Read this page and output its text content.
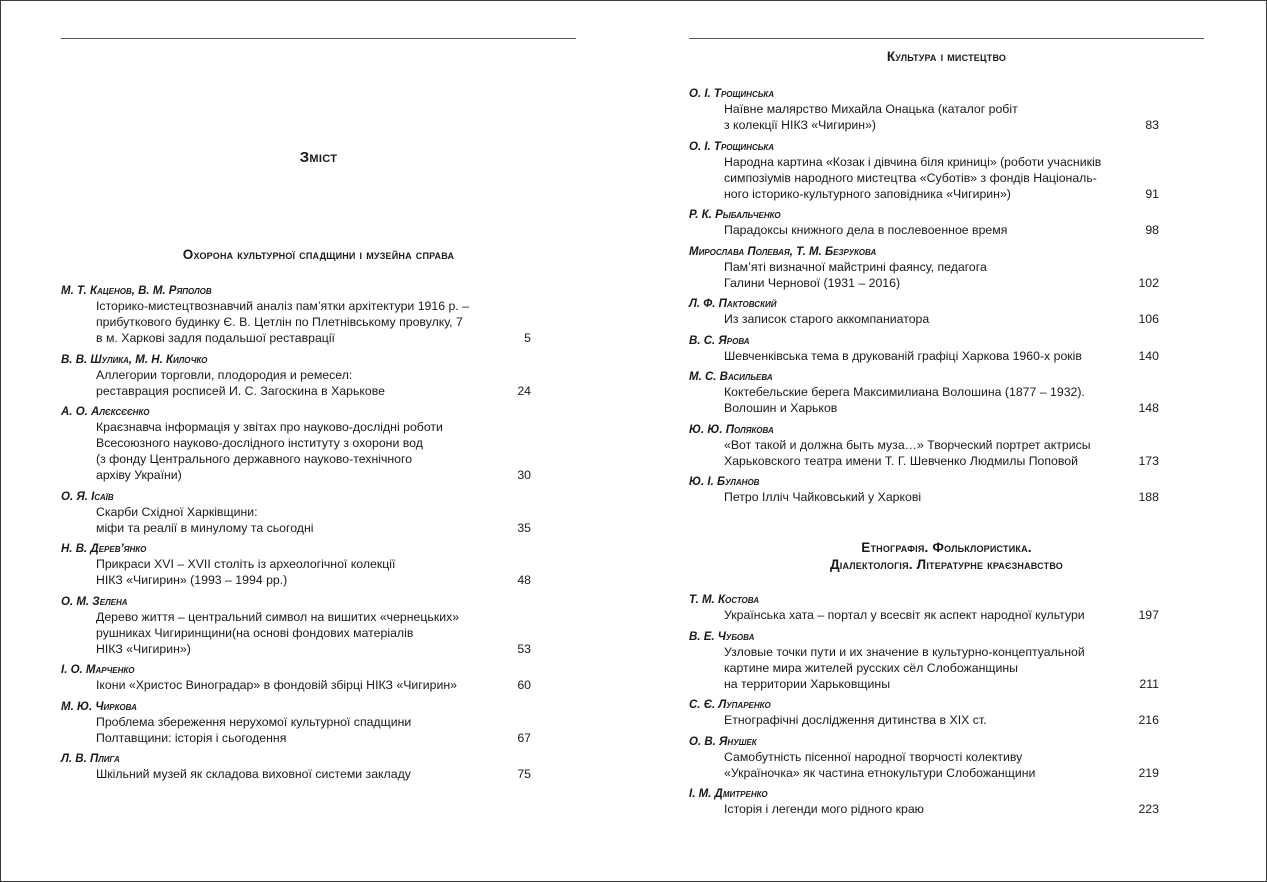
Зміст
Охорона культурної спадщини і музейна справа
М. Т. Каценов, В. М. Ряполов
Історико-мистецтвознавчий аналіз пам’ятки архітектури 1916 р. –
прибуткового будинку Є. В. Цетлін по Плетнівському провулку, 7
в м. Харкові задля подальшої реставрації	5
В. В. Шулика, М. Н. Килочко
Аллегории торговли, плодородия и ремесел:
реставрация росписей И. С. Загоскина в Харькове	24
А. О. Алєксєєнко
Краєзнавча інформація у звітах про науково-дослідні роботи
Всесоюзного науково-дослідного інституту з охорони вод
(з фонду Центрального державного науково-технічного
архіву України)	30
О. Я. Ісаїв
Скарби Східної Харківщини:
міфи та реалії в минулому та сьогодні	35
Н. В. Дерев’янко
Прикраси XVI – XVII століть із археологічної колекції
НІКЗ «Чигирин» (1993 – 1994 рр.)	48
О. М. Зелена
Дерево життя – центральний символ на вишитих «чернецьких»
рушниках Чигиринщини(на основі фондових матеріалів
НІКЗ «Чигирин»)	53
І. О. Марченко
Ікони «Христос Виноградар» в фондовій збірці НІКЗ «Чигирин»	60
М. Ю. Чиркова
Проблема збереження нерухомої культурної спадщини
Полтавщини: історія і сьогодення	67
Л. В. Плига
Шкільний музей як складова виховної системи закладу	75
Культура і мистецтво
О. І. Трощинська
Наївне малярство Михайла Онацька (каталог робіт
з колекції НІКЗ «Чигирин»)	83
О. І. Трощинська
Народна картина «Козак і дівчина біля криниці» (роботи учасників
симпозіумів народного мистецтва «Суботів» з фондів Національ-
ного історико-культурного заповідника «Чигирин»)	91
Р. К. Рыбальченко
Парадоксы книжного дела в послевоенное время	98
Мирослава Полевая, Т. М. Безрукова
Пам’яті визначної майстрині фаянсу, педагога
Галини Чернової (1931 – 2016)	102
Л. Ф. Пактовский
Из записок старого аккомпаниатора	106
В. С. Ярова
Шевченківська тема в друкованій графіці Харкова 1960-х років	140
М. С. Васильева
Коктебельские берега Максимилиана Волошина (1877 – 1932).
Волошин и Харьков	148
Ю. Ю. Полякова
«Вот такой и должна быть муза…» Творческий портрет актрисы
Харьковского театра имени Т. Г. Шевченко Людмилы Поповой	173
Ю. І. Буланов
Петро Ілліч Чайковський у Харкові	188
Етнографія. Фольклористика.
Діалектологія. Літературне краєзнавство
Т. М. Костова
Українська хата – портал у всесвіт як аспект народної культури	197
В. Е. Чубова
Узловые точки пути и их значение в культурно-концептуальной
картине мира жителей русских сёл Слобожанщины
на территории Харьковщины	211
С. Є. Лупаренко
Етнографічні дослідження дитинства в XIX ст.	216
О. В. Янушек
Самобутність пісенної народної творчості колективу
«Україночка» як частина етнокультури Слобожанщини	219
І. М. Дмитренко
Історія і легенди мого рідного краю	223
